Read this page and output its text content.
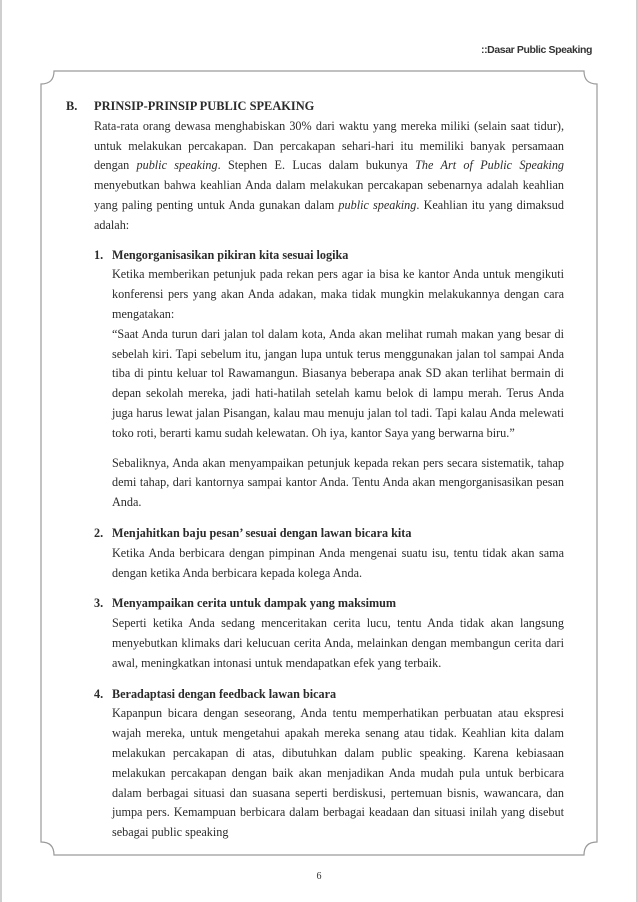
::Dasar Public Speaking
B.	PRINSIP-PRINSIP PUBLIC SPEAKING

Rata-rata orang dewasa menghabiskan 30% dari waktu yang mereka miliki (selain saat tidur), untuk melakukan percakapan. Dan percakapan sehari-hari itu memiliki banyak persamaan dengan public speaking. Stephen E. Lucas dalam bukunya The Art of Public Speaking menyebutkan bahwa keahlian Anda dalam melakukan percakapan sebenarnya adalah keahlian yang paling penting untuk Anda gunakan dalam public speaking. Keahlian itu yang dimaksud adalah:

1. Mengorganisasikan pikiran kita sesuai logika

Ketika memberikan petunjuk pada rekan pers agar ia bisa ke kantor Anda untuk mengikuti konferensi pers yang akan Anda adakan, maka tidak mungkin melakukannya dengan cara mengatakan:
“Saat Anda turun dari jalan tol dalam kota, Anda akan melihat rumah makan yang besar di sebelah kiri. Tapi sebelum itu, jangan lupa untuk terus menggunakan jalan tol sampai Anda tiba di pintu keluar tol Rawamangun. Biasanya beberapa anak SD akan terlihat bermain di depan sekolah mereka, jadi hati-hatilah setelah kamu belok di lampu merah. Terus Anda juga harus lewat jalan Pisangan, kalau mau menuju jalan tol tadi. Tapi kalau Anda melewati toko roti, berarti kamu sudah kelewatan. Oh iya, kantor Saya yang berwarna biru.”

Sebaliknya, Anda akan menyampaikan petunjuk kepada rekan pers secara sistematik, tahap demi tahap, dari kantornya sampai kantor Anda. Tentu Anda akan mengorganisasikan pesan Anda.

2. Menjahitkan baju pesan’ sesuai dengan lawan bicara kita

Ketika Anda berbicara dengan pimpinan Anda mengenai suatu isu, tentu tidak akan sama dengan ketika Anda berbicara kepada kolega Anda.

3. Menyampaikan cerita untuk dampak yang maksimum

Seperti ketika Anda sedang menceritakan cerita lucu, tentu Anda tidak akan langsung menyebutkan klimaks dari kelucuan cerita Anda, melainkan dengan membangun cerita dari awal, meningkatkan intonasi untuk mendapatkan efek yang terbaik.

4. Beradaptasi dengan feedback lawan bicara

Kapanpun bicara dengan seseorang, Anda tentu memperhatikan perbuatan atau ekspresi wajah mereka, untuk mengetahui apakah mereka senang atau tidak. Keahlian kita dalam melakukan percakapan di atas, dibutuhkan dalam public speaking. Karena kebiasaan melakukan percakapan dengan baik akan menjadikan Anda mudah pula untuk berbicara dalam berbagai situasi dan suasana seperti berdiskusi, pertemuan bisnis, wawancara, dan jumpa pers. Kemampuan berbicara dalam berbagai keadaan dan situasi inilah yang disebut sebagai public speaking

6
